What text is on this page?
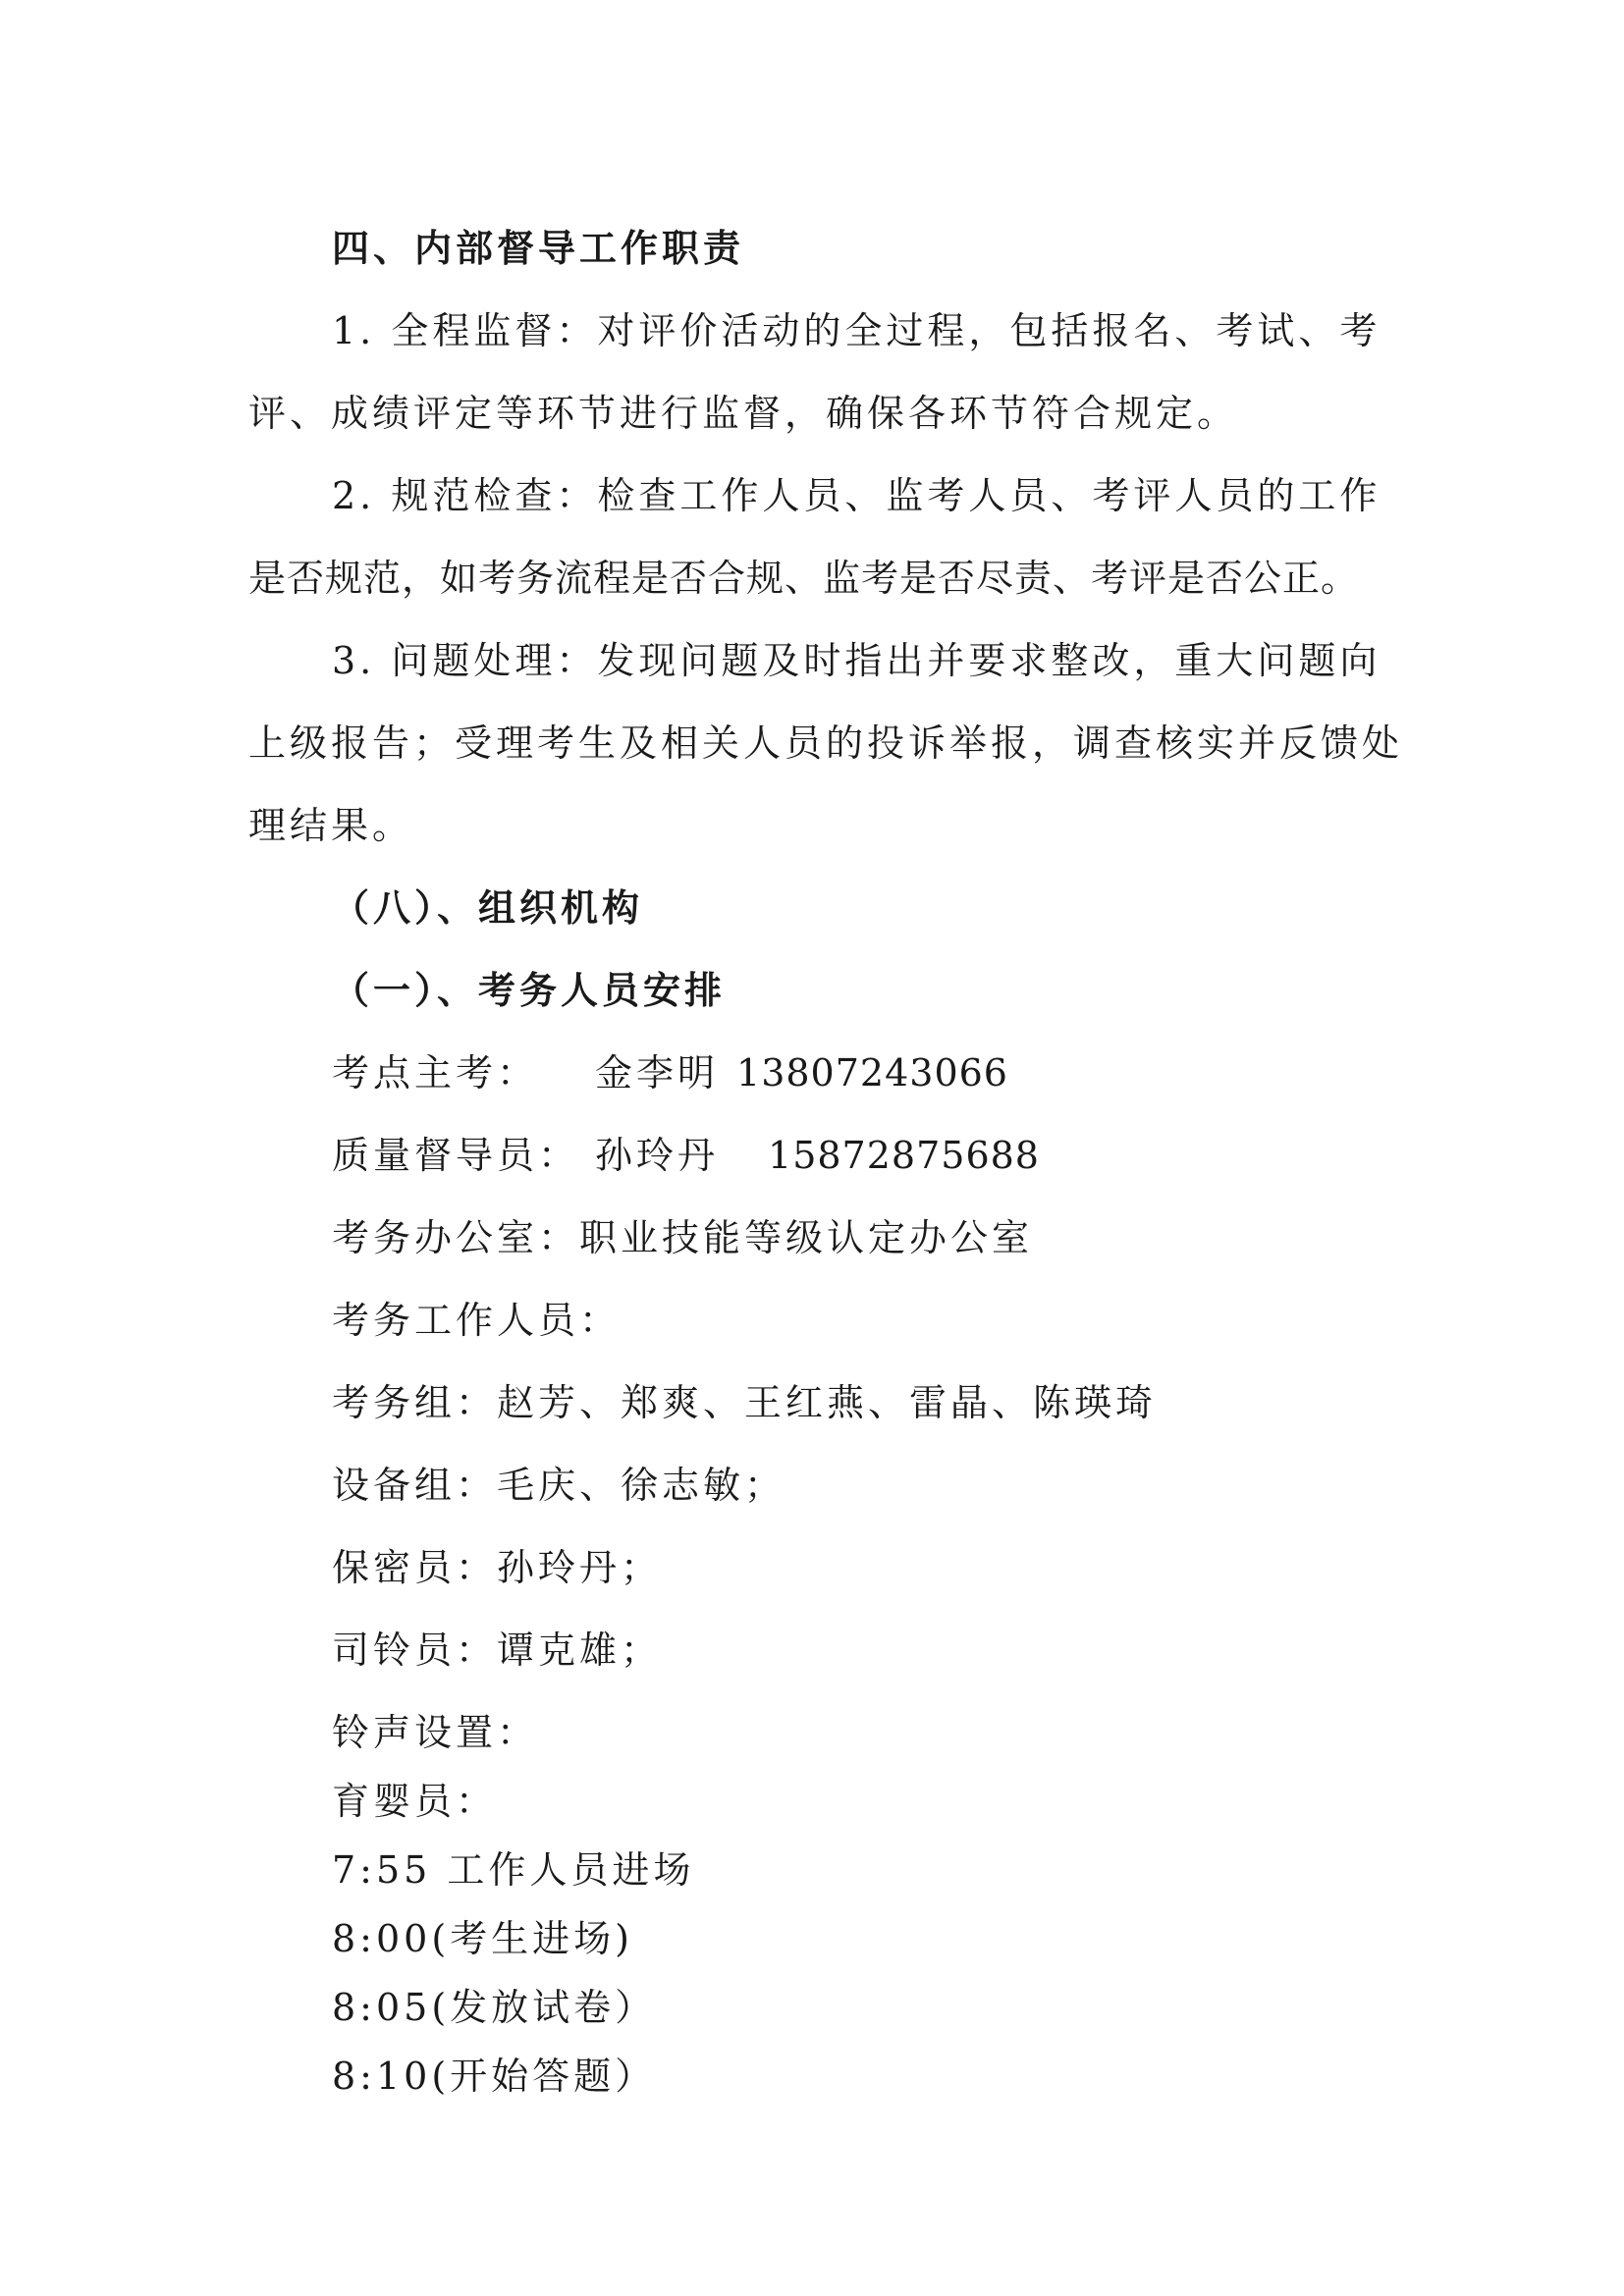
四、内部督导工作职责
1. 全程监督：对评价活动的全过程，包括报名、考试、考
评、成绩评定等环节进行监督，确保各环节符合规定。
2. 规范检查：检查工作人员、监考人员、考评人员的工作
是否规范，如考务流程是否合规、监考是否尽责、考评是否公正。
3. 问题处理：发现问题及时指出并要求整改，重大问题向
上级报告；受理考生及相关人员的投诉举报，调查核实并反馈处
理结果。
（八）、组织机构
（一）、考务人员安排
考点主考： 金李明 13807243066
质量督导员： 孙玲丹 15872875688
考务办公室：职业技能等级认定办公室
考务工作人员：
考务组：赵芳、郑爽、王红燕、雷晶、陈瑛琦
设备组：毛庆、徐志敏；
保密员：孙玲丹；
司铃员：谭克雄；
铃声设置：
育婴员：
7:55 工作人员进场
8:00(考生进场)
8:05(发放试卷）
8:10(开始答题）
